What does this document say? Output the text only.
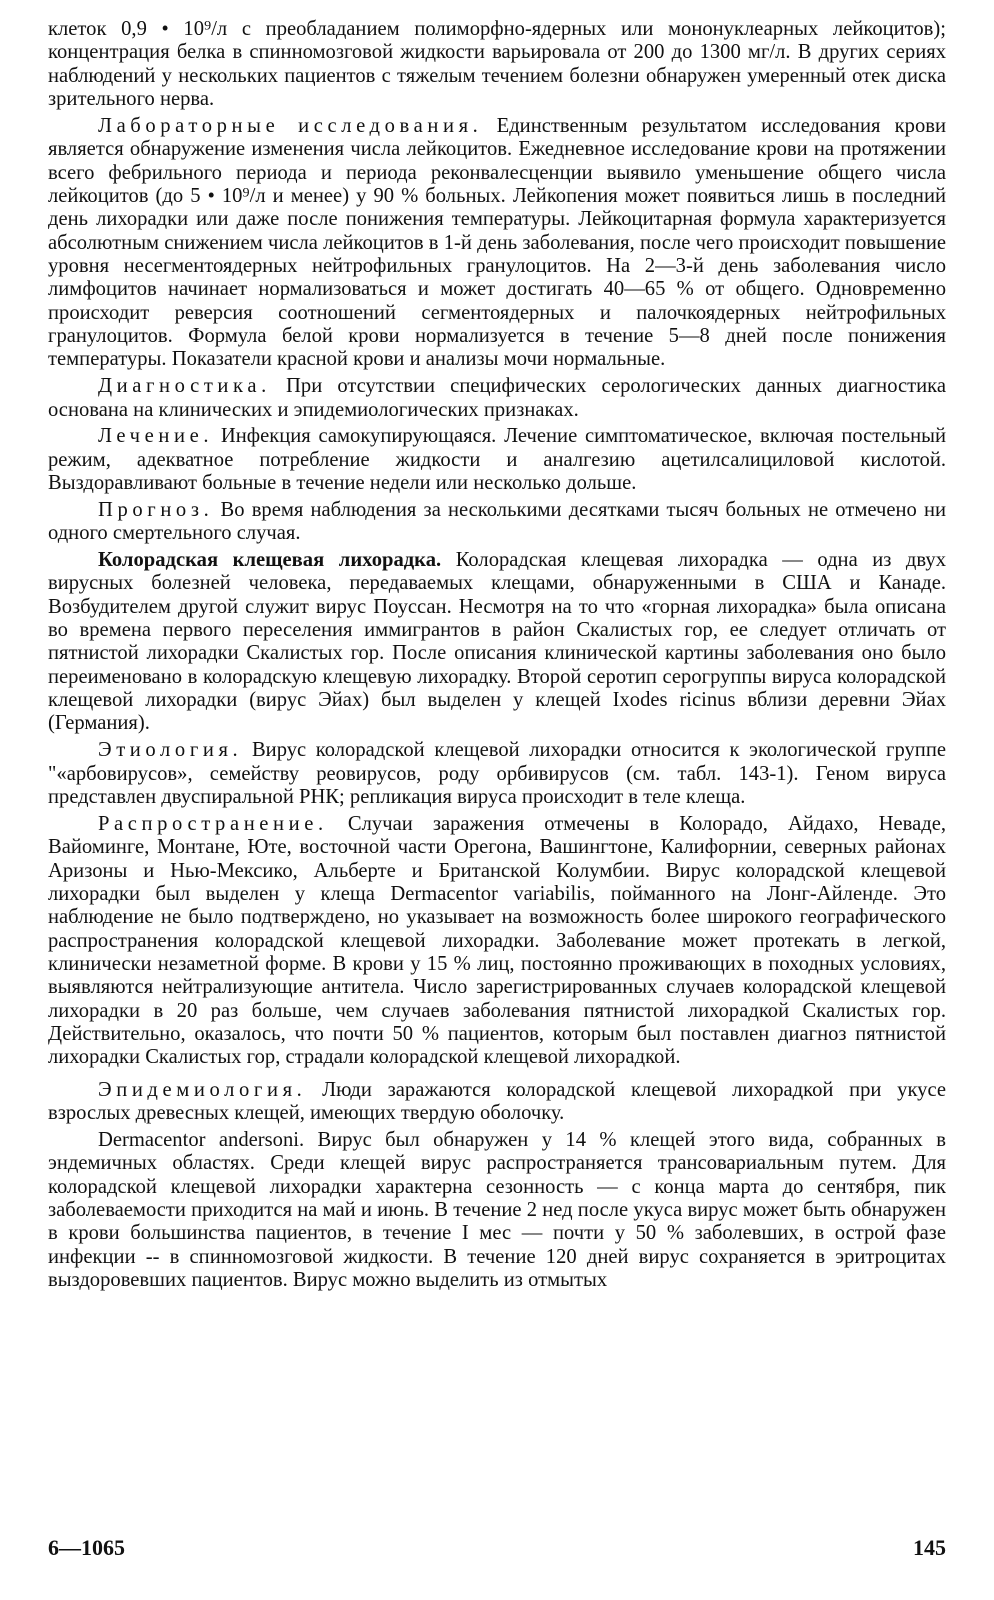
клеток 0,9 • 10⁹/л с преобладанием полиморфно-ядерных или мононуклеарных лейкоцитов); концентрация белка в спинномозговой жидкости варьировала от 200 до 1300 мг/л. В других сериях наблюдений у нескольких пациентов с тяжелым течением болезни обнаружен умеренный отек диска зрительного нерва.

Лабораторные исследования. Единственным результатом исследования крови является обнаружение изменения числа лейкоцитов. Ежедневное исследование крови на протяжении всего фебрильного периода и периода реконвалесценции выявило уменьшение общего числа лейкоцитов (до 5 • 10⁹/л и менее) у 90 % больных. Лейкопения может появиться лишь в последний день лихорадки или даже после понижения температуры. Лейкоцитарная формула характеризуется абсолютным снижением числа лейкоцитов в 1-й день заболевания, после чего происходит повышение уровня несегментоядерных нейтрофильных гранулоцитов. На 2—3-й день заболевания число лимфоцитов начинает нормализоваться и может достигать 40—65 % от общего. Одновременно происходит реверсия соотношений сегментоядерных и палочкоядерных нейтрофильных гранулоцитов. Формула белой крови нормализуется в течение 5—8 дней после понижения температуры. Показатели красной крови и анализы мочи нормальные.

Диагностика. При отсутствии специфических серологических данных диагностика основана на клинических и эпидемиологических признаках.

Лечение. Инфекция самокупирующаяся. Лечение симптоматическое, включая постельный режим, адекватное потребление жидкости и аналгезию ацетилсалициловой кислотой. Выздоравливают больные в течение недели или несколько дольше.

Прогноз. Во время наблюдения за несколькими десятками тысяч больных не отмечено ни одного смертельного случая.

Колорадская клещевая лихорадка. Колорадская клещевая лихорадка — одна из двух вирусных болезней человека, передаваемых клещами, обнаруженными в США и Канаде. Возбудителем другой служит вирус Поуссан. Несмотря на то что «горная лихорадка» была описана во времена первого переселения иммигрантов в район Скалистых гор, ее следует отличать от пятнистой лихорадки Скалистых гор. После описания клинической картины заболевания оно было переименовано в колорадскую клещевую лихорадку. Второй серотип серогруппы вируса колорадской клещевой лихорадки (вирус Эйах) был выделен у клещей Ixodes ricinus вблизи деревни Эйах (Германия).

Этиология. Вирус колорадской клещевой лихорадки относится к экологической группе "«арбовирусов», семейству реовирусов, роду орбивирусов (см. табл. 143-1). Геном вируса представлен двуспиральной РНК; репликация вируса происходит в теле клеща.

Распространение. Случаи заражения отмечены в Колорадо, Айдахо, Неваде, Вайоминге, Монтане, Юте, восточной части Орегона, Вашингтоне, Калифорнии, северных районах Аризоны и Нью-Мексико, Альберте и Британской Колумбии. Вирус колорадской клещевой лихорадки был выделен у клеща Dermacentor variabilis, пойманного на Лонг-Айленде. Это наблюдение не было подтверждено, но указывает на возможность более широкого географического распространения колорадской клещевой лихорадки. Заболевание может протекать в легкой, клинически незаметной форме. В крови у 15 % лиц, постоянно проживающих в походных условиях, выявляются нейтрализующие антитела. Число зарегистрированных случаев колорадской клещевой лихорадки в 20 раз больше, чем случаев заболевания пятнистой лихорадкой Скалистых гор. Действительно, оказалось, что почти 50 % пациентов, которым был поставлен диагноз пятнистой лихорадки Скалистых гор, страдали колорадской клещевой лихорадкой.

Эпидемиология. Люди заражаются колорадской клещевой лихорадкой при укусе взрослых древесных клещей, имеющих твердую оболочку.

Dermacentor andersoni. Вирус был обнаружен у 14 % клещей этого вида, собранных в эндемичных областях. Среди клещей вирус распространяется трансовариальным путем. Для колорадской клещевой лихорадки характерна сезонность — с конца марта до сентября, пик заболеваемости приходится на май и июнь. В течение 2 нед после укуса вирус может быть обнаружен в крови большинства пациентов, в течение I мес — почти у 50 % заболевших, в острой фазе инфекции -- в спинномозговой жидкости. В течение 120 дней вирус сохраняется в эритроцитах выздоровевших пациентов. Вирус можно выделить из отмытых

6—1065	145
